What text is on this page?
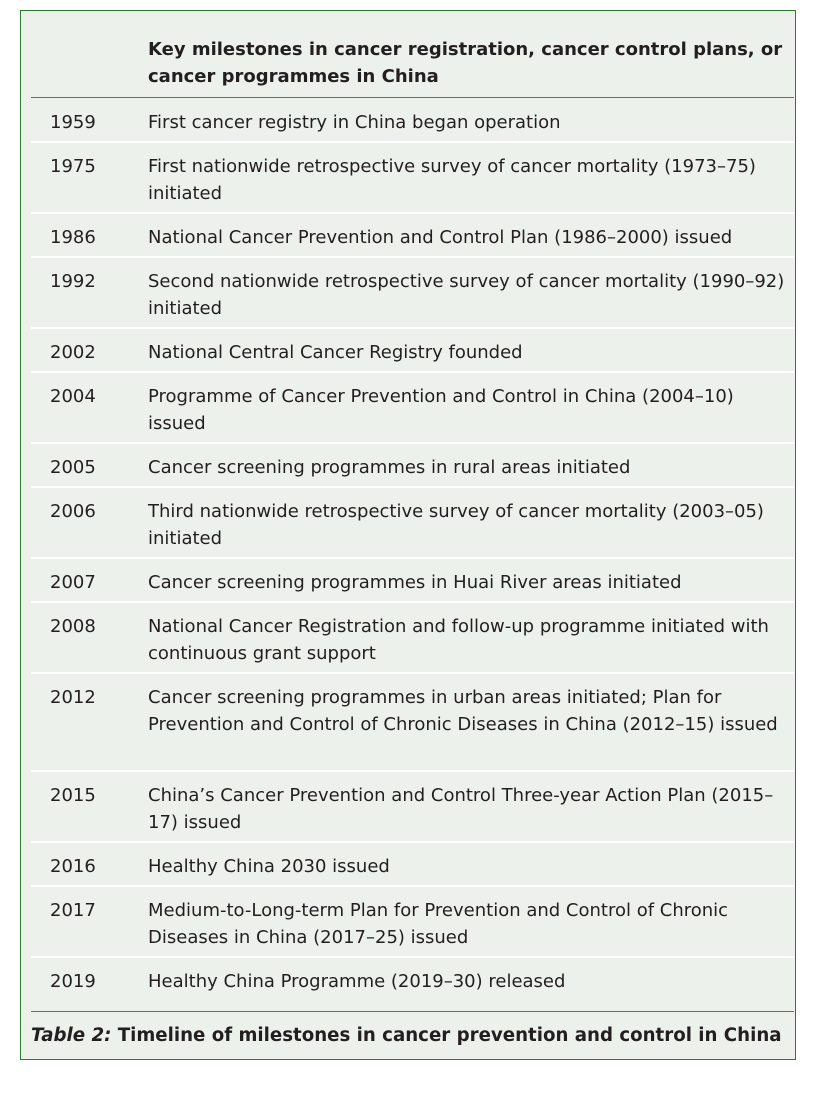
Key milestones in cancer registration, cancer control plans, or cancer programmes in China
1959	First cancer registry in China began operation
1975	First nationwide retrospective survey of cancer mortality (1973–75) initiated
1986	National Cancer Prevention and Control Plan (1986–2000) issued
1992	Second nationwide retrospective survey of cancer mortality (1990–92) initiated
2002	National Central Cancer Registry founded
2004	Programme of Cancer Prevention and Control in China (2004–10) issued
2005	Cancer screening programmes in rural areas initiated
2006	Third nationwide retrospective survey of cancer mortality (2003–05) initiated
2007	Cancer screening programmes in Huai River areas initiated
2008	National Cancer Registration and follow-up programme initiated with continuous grant support
2012	Cancer screening programmes in urban areas initiated; Plan for Prevention and Control of Chronic Diseases in China (2012–15) issued
2015	China’s Cancer Prevention and Control Three-year Action Plan (2015–17) issued
2016	Healthy China 2030 issued
2017	Medium-to-Long-term Plan for Prevention and Control of Chronic Diseases in China (2017–25) issued
2019	Healthy China Programme (2019–30) released
Table 2: Timeline of milestones in cancer prevention and control in China
